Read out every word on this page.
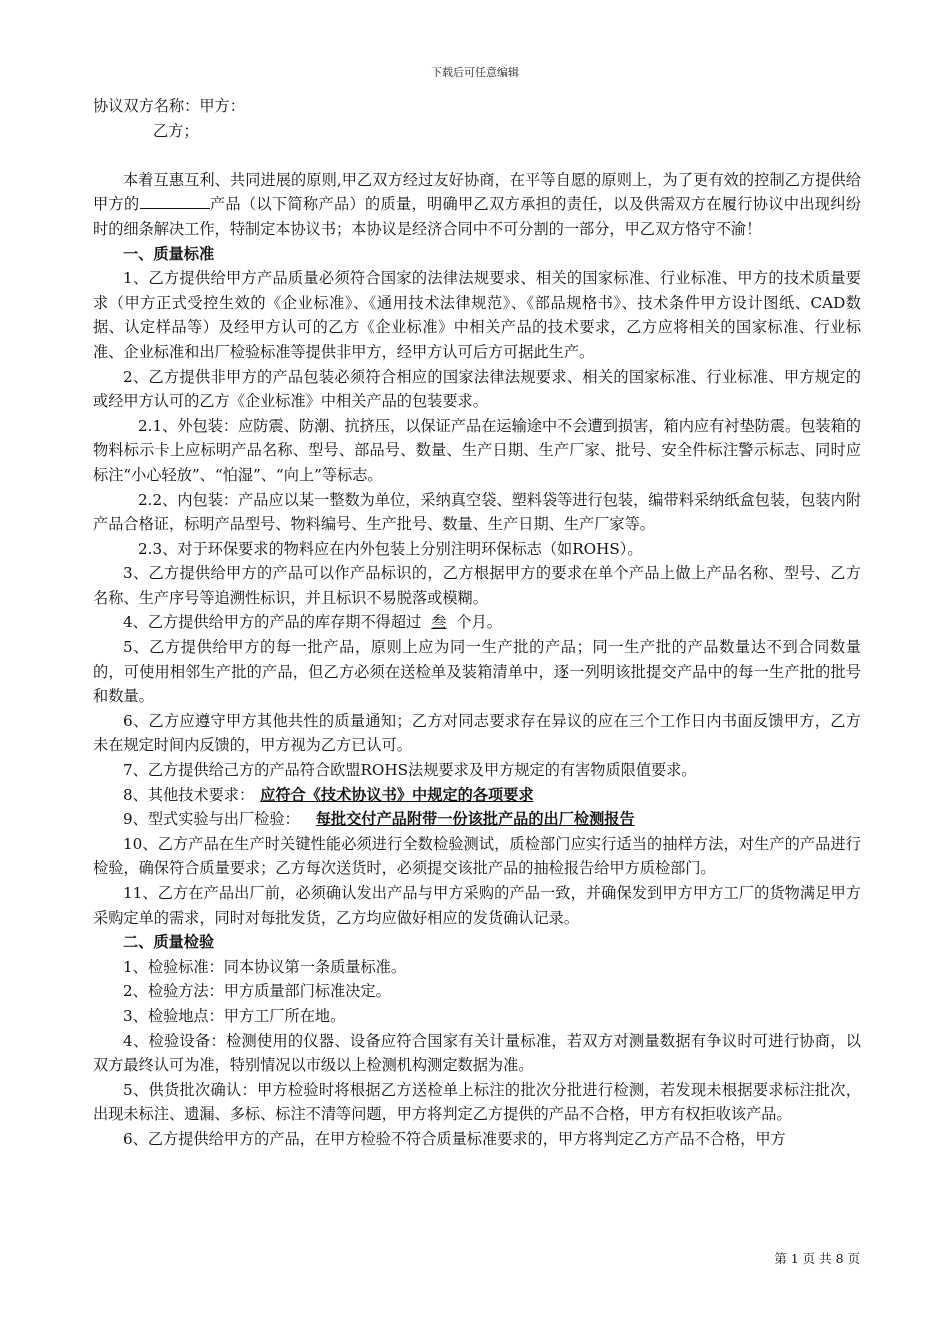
下载后可任意编辑

协议双方名称：甲方：

乙方；

本着互惠互利、共同进展的原则,甲乙双方经过友好协商，在平等自愿的原则上，为了更有效的控制乙方提供给甲方的	产品（以下简称产品）的质量，明确甲乙双方承担的责任，以及供需双方在履行协议中出现纠纷时的细条解决工作，特制定本协议书；本协议是经济合同中不可分割的一部分，甲乙双方恪守不渝！

一、质量标准

1、乙方提供给甲方产品质量必须符合国家的法律法规要求、相关的国家标准、行业标准、甲方的技术质量要求（甲方正式受控生效的《企业标准》、《通用技术法律规范》、《部品规格书》、技术条件甲方设计图纸、CAD数据、认定样品等）及经甲方认可的乙方《企业标准》中相关产品的技术要求，乙方应将相关的国家标准、行业标准、企业标准和出厂检验标准等提供非甲方，经甲方认可后方可据此生产。

2、乙方提供非甲方的产品包装必须符合相应的国家法律法规要求、相关的国家标准、行业标准、甲方规定的或经甲方认可的乙方《企业标准》中相关产品的包装要求。

2.1、外包装：应防震、防潮、抗挤压，以保证产品在运输途中不会遭到损害，箱内应有衬垫防震。包装箱的物料标示卡上应标明产品名称、型号、部品号、数量、生产日期、生产厂家、批号、安全件标注警示标志、同时应标注“小心轻放”、“怕湿”、“向上”等标志。

2.2、内包装：产品应以某一整数为单位，采纳真空袋、塑料袋等进行包装，编带料采纳纸盒包装，包装内附产品合格证，标明产品型号、物料编号、生产批号、数量、生产日期、生产厂家等。

2.3、对于环保要求的物料应在内外包装上分别注明环保标志（如ROHS）。

3、乙方提供给甲方的产品可以作产品标识的，乙方根据甲方的要求在单个产品上做上产品名称、型号、乙方名称、生产序号等追溯性标识，并且标识不易脱落或模糊。

4、乙方提供给甲方的产品的库存期不得超过 叁 个月。

5、乙方提供给甲方的每一批产品，原则上应为同一生产批的产品；同一生产批的产品数量达不到合同数量的，可使用相邻生产批的产品，但乙方必须在送检单及装箱清单中，逐一列明该批提交产品中的每一生产批的批号和数量。

6、乙方应遵守甲方其他共性的质量通知；乙方对同志要求存在异议的应在三个工作日内书面反馈甲方，乙方未在规定时间内反馈的，甲方视为乙方已认可。

7、乙方提供给己方的产品符合欧盟ROHS法规要求及甲方规定的有害物质限值要求。

8、其他技术要求： 应符合《技术协议书》中规定的各项要求

9、型式实验与出厂检验： 每批交付产品附带一份该批产品的出厂检测报告

10、乙方产品在生产时关键性能必须进行全数检验测试，质检部门应实行适当的抽样方法，对生产的产品进行检验，确保符合质量要求；乙方每次送货时，必须提交该批产品的抽检报告给甲方质检部门。

11、乙方在产品出厂前，必须确认发出产品与甲方采购的产品一致，并确保发到甲方甲方工厂的货物满足甲方采购定单的需求，同时对每批发货，乙方均应做好相应的发货确认记录。

二、质量检验

1、检验标准：同本协议第一条质量标准。

2、检验方法：甲方质量部门标准决定。

3、检验地点：甲方工厂所在地。

4、检验设备：检测使用的仪器、设备应符合国家有关计量标准，若双方对测量数据有争议时可进行协商，以双方最终认可为准，特别情况以市级以上检测机构测定数据为准。

5、供货批次确认：甲方检验时将根据乙方送检单上标注的批次分批进行检测，若发现未根据要求标注批次，出现未标注、遗漏、多标、标注不清等问题，甲方将判定乙方提供的产品不合格，甲方有权拒收该产品。

6、乙方提供给甲方的产品，在甲方检验不符合质量标准要求的，甲方将判定乙方产品不合格，甲方

第 1 页 共 8 页
